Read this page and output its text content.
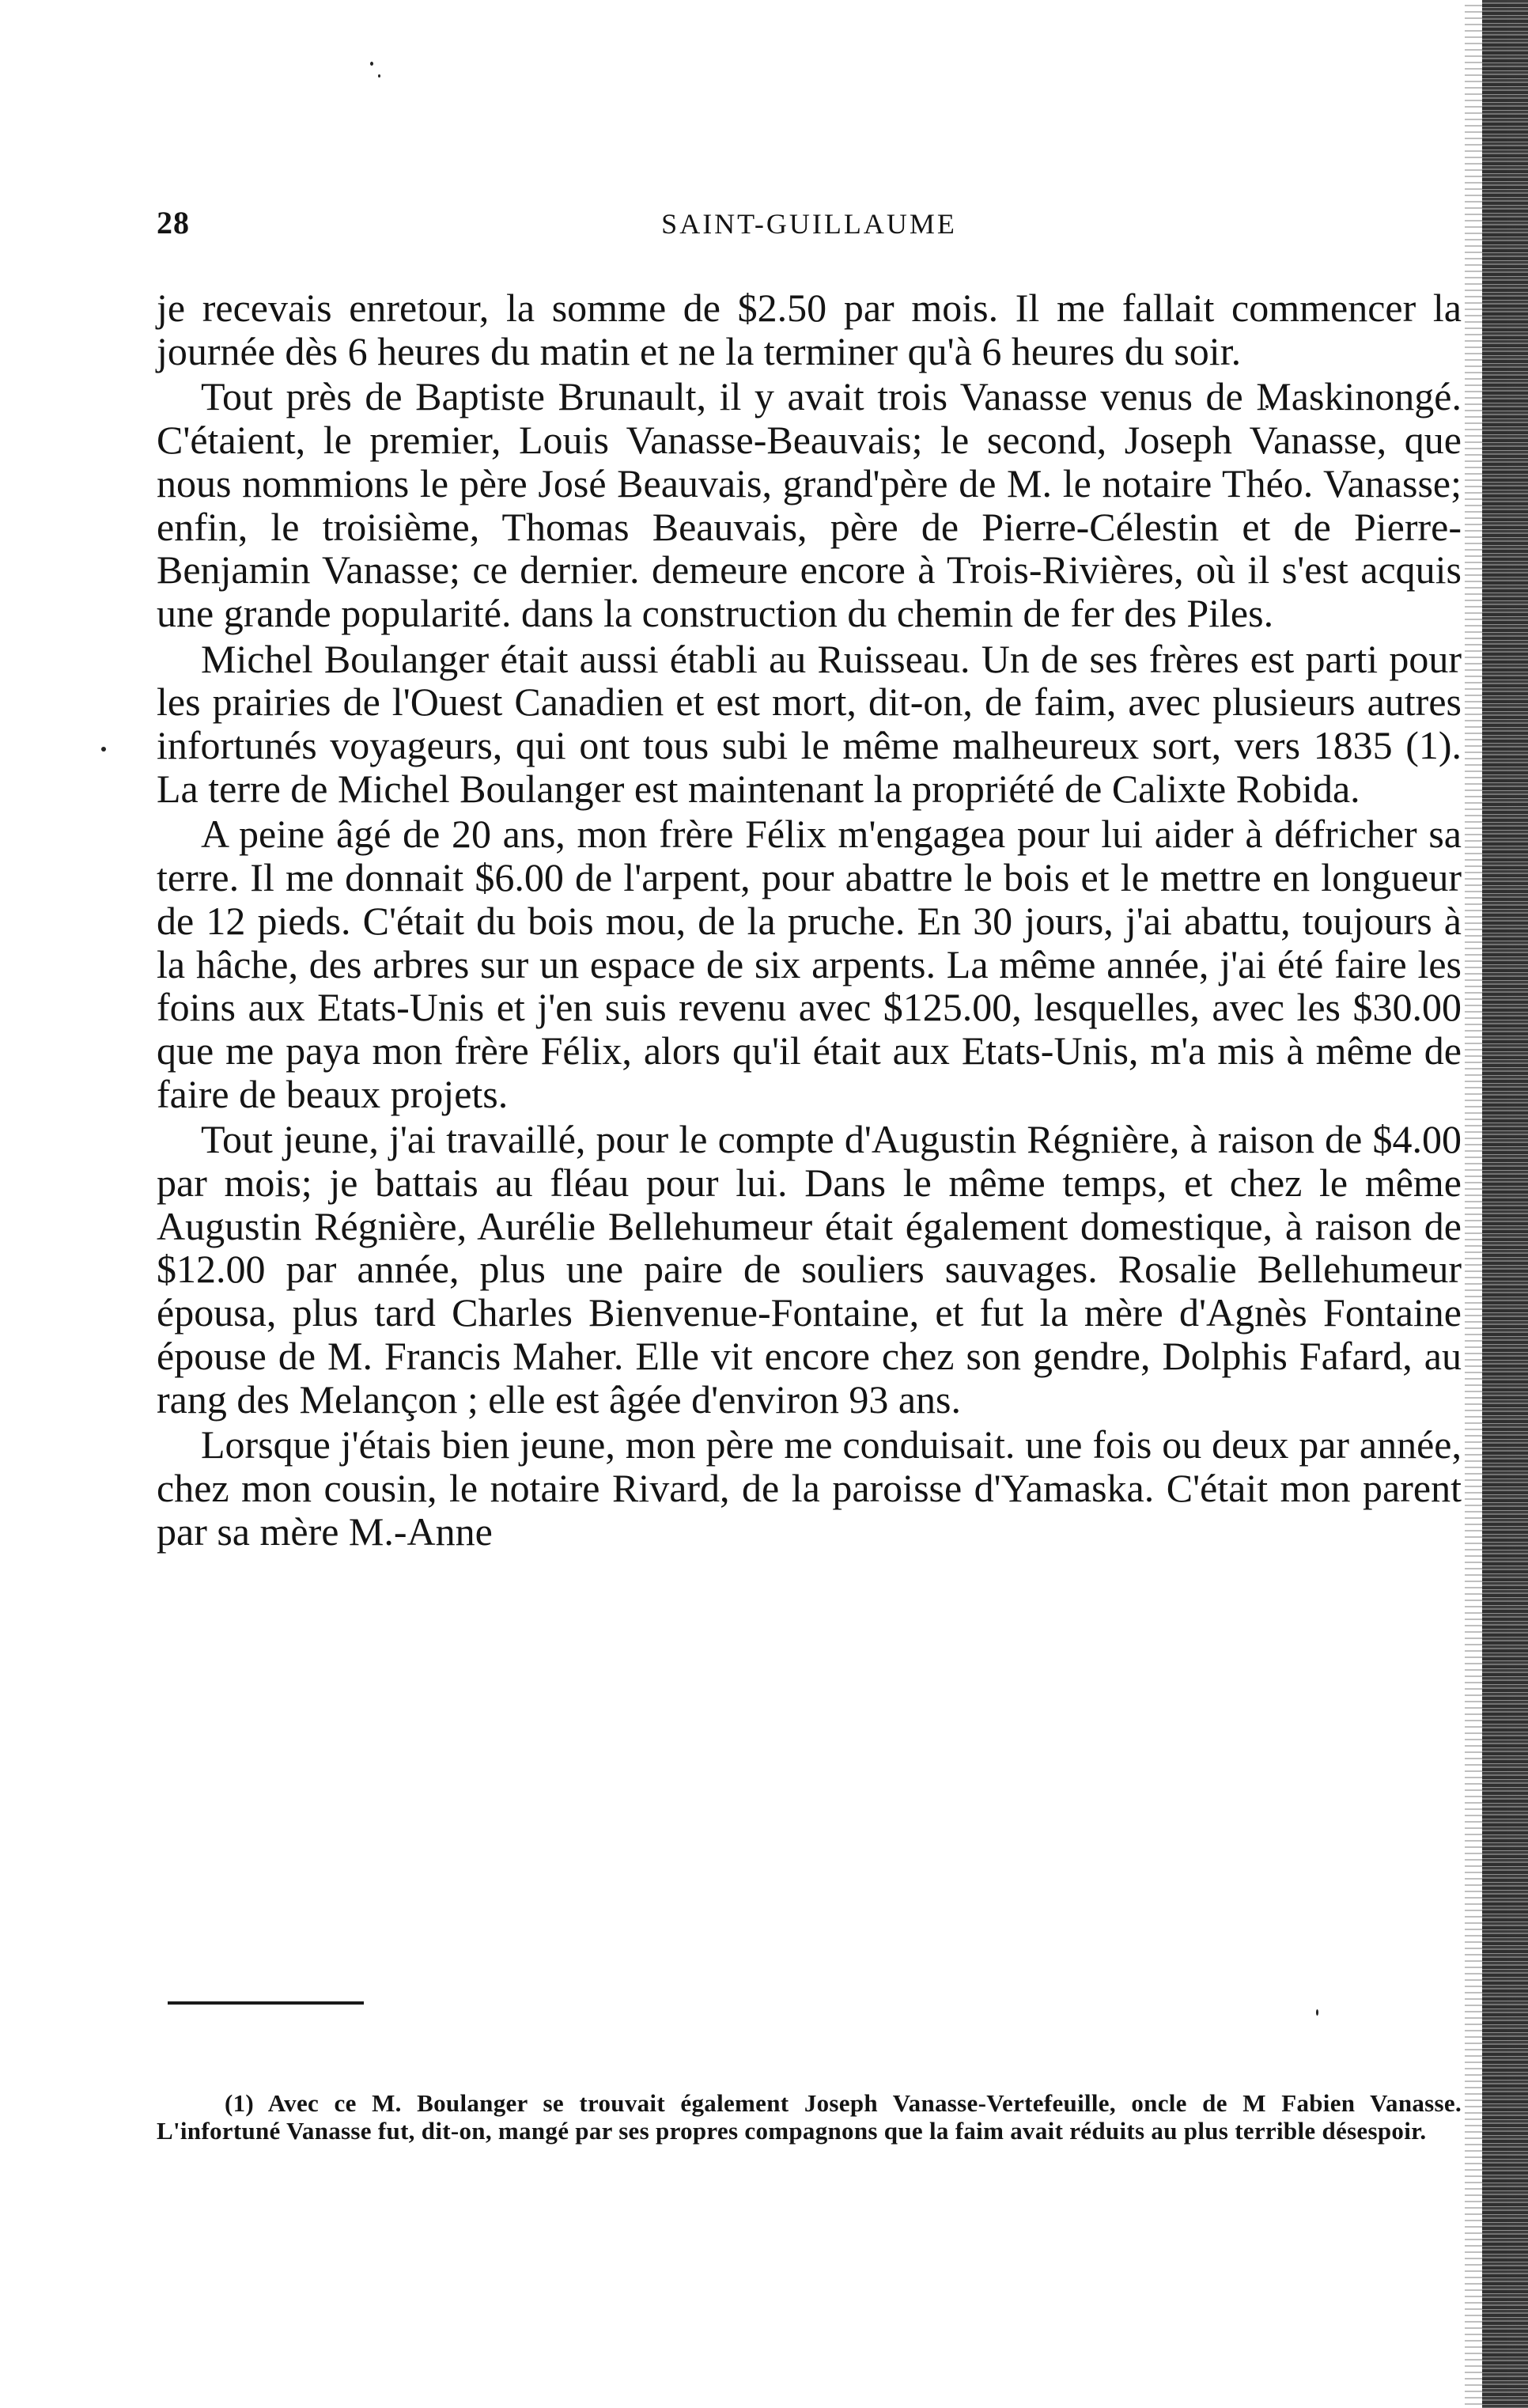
28	SAINT-GUILLAUME

je recevais enretour, la somme de $2.50 par mois. Il me fallait commencer la journée dès 6 heures du matin et ne la terminer qu'à 6 heures du soir.

Tout près de Baptiste Brunault, il y avait trois Vanasse venus de Maskinongé. C'étaient, le premier, Louis Vanasse-Beauvais; le second, Joseph Vanasse, que nous nommions le père José Beauvais, grand'père de M. le notaire Théo. Vanasse; enfin, le troisième, Thomas Beauvais, père de Pierre-Célestin et de Pierre-Benjamin Vanasse; ce dernier. demeure encore à Trois-Rivières, où il s'est acquis une grande popularité. dans la construction du chemin de fer des Piles.

Michel Boulanger était aussi établi au Ruisseau. Un de ses frères est parti pour les prairies de l'Ouest Canadien et est mort, dit-on, de faim, avec plusieurs autres infortunés voyageurs, qui ont tous subi le même malheureux sort, vers 1835 (1). La terre de Michel Boulanger est maintenant la propriété de Calixte Robida.

A peine âgé de 20 ans, mon frère Félix m'engagea pour lui aider à défricher sa terre. Il me donnait $6.00 de l'arpent, pour abattre le bois et le mettre en longueur de 12 pieds. C'était du bois mou, de la pruche. En 30 jours, j'ai abattu, toujours à la hâche, des arbres sur un espace de six arpents. La même année, j'ai été faire les foins aux Etats-Unis et j'en suis revenu avec $125.00, lesquelles, avec les $30.00 que me paya mon frère Félix, alors qu'il était aux Etats-Unis, m'a mis à même de faire de beaux projets.

Tout jeune, j'ai travaillé, pour le compte d'Augustin Régnière, à raison de $4.00 par mois; je battais au fléau pour lui. Dans le même temps, et chez le même Augustin Régnière, Aurélie Bellehumeur était également domestique, à raison de $12.00 par année, plus une paire de souliers sauvages. Rosalie Bellehumeur épousa, plus tard Charles Bienvenue-Fontaine, et fut la mère d'Agnès Fontaine épouse de M. Francis Maher. Elle vit encore chez son gendre, Dolphis Fafard, au rang des Melançon ; elle est âgée d'environ 93 ans.

Lorsque j'étais bien jeune, mon père me conduisait. une fois ou deux par année, chez mon cousin, le notaire Rivard, de la paroisse d'Yamaska. C'était mon parent par sa mère M.-Anne

(1) Avec ce M. Boulanger se trouvait également Joseph Vanasse-Vertefeuille, oncle de M Fabien Vanasse. L'infortuné Vanasse fut, dit-on, mangé par ses propres compagnons que la faim avait réduits au plus terrible désespoir.
